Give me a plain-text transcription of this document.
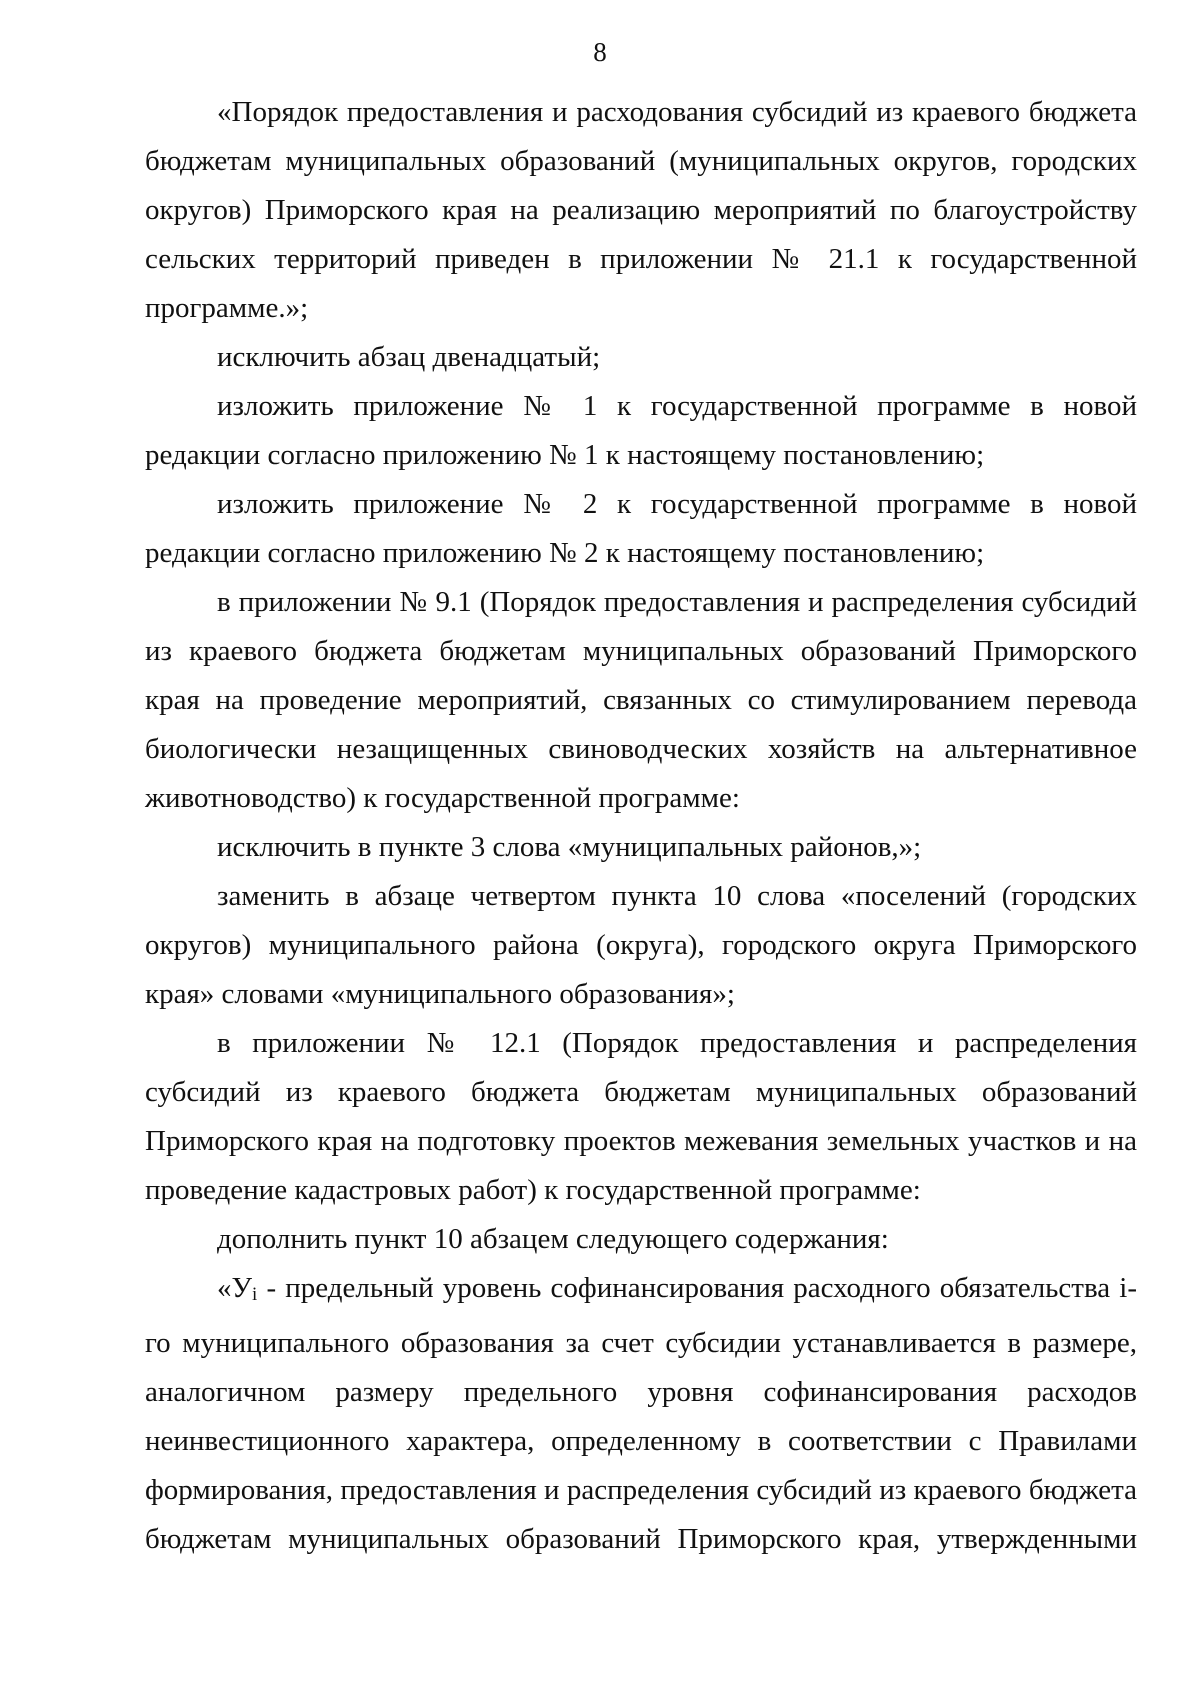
8

«Порядок предоставления и расходования субсидий из краевого бюджета бюджетам муниципальных образований (муниципальных округов, городских округов) Приморского края на реализацию мероприятий по благоустройству сельских территорий приведен в приложении № 21.1 к государственной программе.»;

исключить абзац двенадцатый;

изложить приложение № 1 к государственной программе в новой редакции согласно приложению № 1 к настоящему постановлению;

изложить приложение № 2 к государственной программе в новой редакции согласно приложению № 2 к настоящему постановлению;

в приложении № 9.1 (Порядок предоставления и распределения субсидий из краевого бюджета бюджетам муниципальных образований Приморского края на проведение мероприятий, связанных со стимулированием перевода биологически незащищенных свиноводческих хозяйств на альтернативное животноводство) к государственной программе:

исключить в пункте 3 слова «муниципальных районов,»;

заменить в абзаце четвертом пункта 10 слова «поселений (городских округов) муниципального района (округа), городского округа Приморского края» словами «муниципального образования»;

в приложении № 12.1 (Порядок предоставления и распределения субсидий из краевого бюджета бюджетам муниципальных образований Приморского края на подготовку проектов межевания земельных участков и на проведение кадастровых работ) к государственной программе:

дополнить пункт 10 абзацем следующего содержания:

«Уi - предельный уровень софинансирования расходного обязательства i-го муниципального образования за счет субсидии устанавливается в размере, аналогичном размеру предельного уровня софинансирования расходов неинвестиционного характера, определенному в соответствии с Правилами формирования, предоставления и распределения субсидий из краевого бюджета бюджетам муниципальных образований Приморского края, утвержденными
